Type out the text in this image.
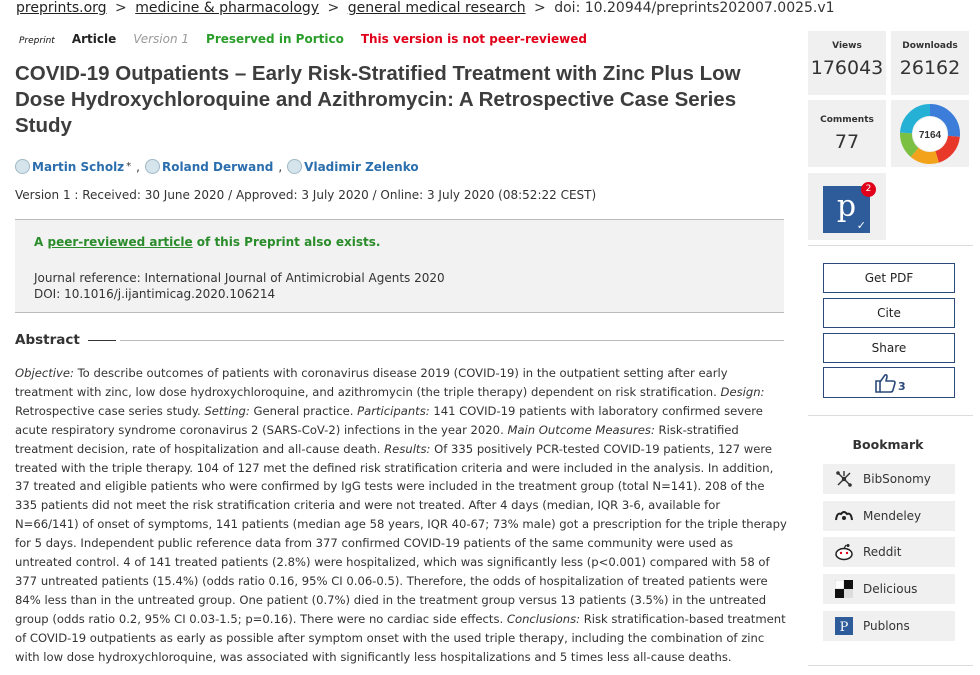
preprints.org > medicine & pharmacology > general medical research > doi: 10.20944/preprints202007.0025.v1
Preprint Article Version 1 Preserved in Portico This version is not peer-reviewed
COVID-19 Outpatients – Early Risk-Stratified Treatment with Zinc Plus Low Dose Hydroxychloroquine and Azithromycin: A Retrospective Case Series Study
Martin Scholz * , Roland Derwand , Vladimir Zelenko
Version 1 : Received: 30 June 2020 / Approved: 3 July 2020 / Online: 3 July 2020 (08:52:22 CEST)
A peer-reviewed article of this Preprint also exists.
Journal reference: International Journal of Antimicrobial Agents 2020
DOI: 10.1016/j.ijantimicag.2020.106214
Abstract
Objective: To describe outcomes of patients with coronavirus disease 2019 (COVID-19) in the outpatient setting after early treatment with zinc, low dose hydroxychloroquine, and azithromycin (the triple therapy) dependent on risk stratification. Design: Retrospective case series study. Setting: General practice. Participants: 141 COVID-19 patients with laboratory confirmed severe acute respiratory syndrome coronavirus 2 (SARS-CoV-2) infections in the year 2020. Main Outcome Measures: Risk-stratified treatment decision, rate of hospitalization and all-cause death. Results: Of 335 positively PCR-tested COVID-19 patients, 127 were treated with the triple therapy. 104 of 127 met the defined risk stratification criteria and were included in the analysis. In addition, 37 treated and eligible patients who were confirmed by IgG tests were included in the treatment group (total N=141). 208 of the 335 patients did not meet the risk stratification criteria and were not treated. After 4 days (median, IQR 3-6, available for N=66/141) of onset of symptoms, 141 patients (median age 58 years, IQR 40-67; 73% male) got a prescription for the triple therapy for 5 days. Independent public reference data from 377 confirmed COVID-19 patients of the same community were used as untreated control. 4 of 141 treated patients (2.8%) were hospitalized, which was significantly less (p<0.001) compared with 58 of 377 untreated patients (15.4%) (odds ratio 0.16, 95% CI 0.06-0.5). Therefore, the odds of hospitalization of treated patients were 84% less than in the untreated group. One patient (0.7%) died in the treatment group versus 13 patients (3.5%) in the untreated group (odds ratio 0.2, 95% CI 0.03-1.5; p=0.16). There were no cardiac side effects. Conclusions: Risk stratification-based treatment of COVID-19 outpatients as early as possible after symptom onset with the used triple therapy, including the combination of zinc with low dose hydroxychloroquine, was associated with significantly less hospitalizations and 5 times less all-cause deaths.
Views
176043
Downloads
26162
Comments
77	7164
p
✓
2
Get PDF
Cite
Share
3
Bookmark
BibSonomy
Mendeley
Reddit
Delicious
P Publons
